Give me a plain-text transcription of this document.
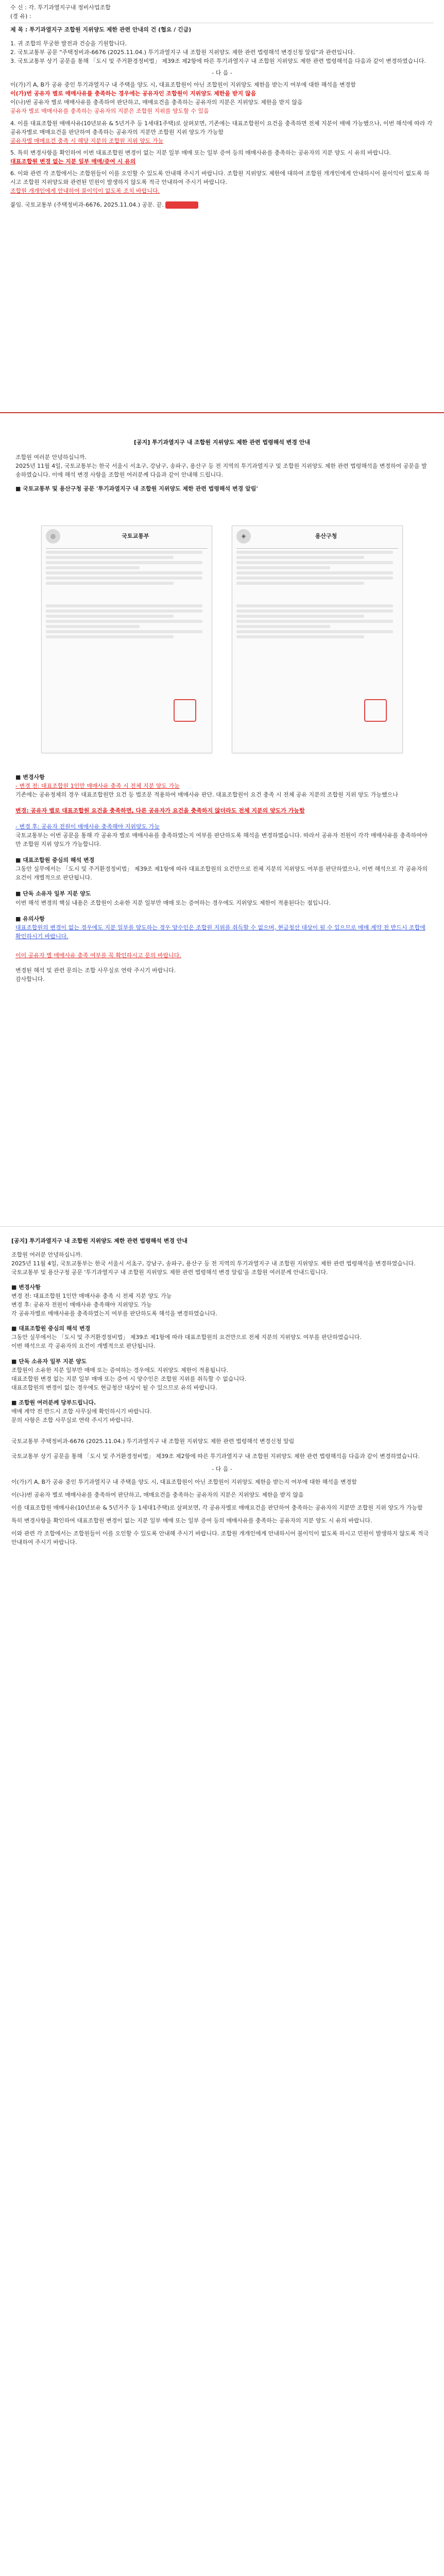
수 신 : 각. 투기과열지구내 정비사업조합

(경 유) :

제 목 : 투기과열지구 조합원 지위양도 제한 관련 안내의 건 (협요 / 긴급)

1. 귀 조합의 무궁한 발전과 건승을 기원합니다.

2. 국토교통부 공문 "주택정비과-6676 (2025.11.04.) 투기과열지구 내 조합원 지위양도 제한 관련 법령해석 변경신청 알림"과 관련입니다.

3. 국토교통부 상기 공문을 통해 「도시 및 주거환경정비법」 제39조 제2항에 따른 투기과열지구 내 조합원 지위양도 제한 관련 법령해석을 다음과 같이 변경하였습니다.

- 다 음 -

이(가)기 A, B가 공유 중인 투기과열지구 내 주택을 양도 시, 대표조합원이 아닌 조합원이 지위양도 제한을 받는지 여부에 대한 해석을 변경함

이(가)번 공유자 별로 매매사유를 충족하는 경우에는 공유자인 조합원이 지위양도 제한을 받지 않음

이(나)번 공유자 별로 매매사유를 충족하여 판단하고, 매매요건을 충족하는 공유자의 지분은 지위양도 제한을 받지 않음

공유자 별로 매매사유를 충족하는 공유자의 지분은 조합원 지위를 양도할 수 있음

4. 이를 대표조합원 매매사유(10년보유 & 5년거주 등 1세대1주택)로 살펴보면, 기존에는 대표조합원이 요건을 충족하면 전체 지분이 매매 가능했으나, 이번 해석에 따라 각 공유자별로 매매요건을 판단하여 충족하는 공유자의 지분만 조합원 지위 양도가 가능함

공유자별 매매요건 충족 시 해당 지분의 조합원 지위 양도 가능

5. 특히 변경사항을 확인하여 이번 대표조합원 변경이 없는 지분 일부 매매 또는 일부 증여 등의 매매사유를 충족하는 공유자의 지분 양도 시 유의 바랍니다.

대표조합원 변경 없는 지분 일부 매매/증여 시 유의

6. 이와 관련 각 조합에서는 조합원들이 이를 오인할 수 있도록 안내해 주시기 바랍니다. 조합원 지위양도 제한에 대하여 조합원 개개인에게 안내하시어 불이익이 없도록 하시고 조합원 지위양도와 관련된 민원이 발생하지 않도록 적극 안내하여 주시기 바랍니다.

조합원 개개인에게 안내하여 불이익이 없도록 조치 바랍니다.

붙임. 국토교통부 (주택정비과-6676, 2025.11.04.) 공문. 끝.

[공지] 투기과열지구 내 조합원 지위양도 제한 관련 법령해석 변경 안내

조합원 여러분 안녕하십니까.

2025년 11월 4일, 국토교통부는 한국 서울시 서초구, 강남구, 송파구, 용산구 등 전 지역의 투기과열지구 및 조합원 지위양도 제한 관련 법령해석을 변경하여 공문을 발송하였습니다. 이에 해석 변경 사항을 조합원 여러분께 다음과 같이 안내해 드립니다.

■ 국토교통부 및 용산구청 공문 '투기과열지구 내 조합원 지위양도 제한 관련 법령해석 변경 알림'

◎	국토교통부	◈	용산구청

■ 변경사항

- 변경 전: 대표조합원 1인만 매매사유 충족 시 전체 지분 양도 가능

기존에는 공유정체의 경우 대표조합원만 요건 등 법조문 적용하여 매매사유 판단. 대표조합원이 요건 충족 시 전체 공유 지분의 조합원 지위 양도 가능했으나

변경: 공유자 별로 대표조합원 요건을 충족하면, 다른 공유자가 요건을 충족하지 않더라도 전체 지분의 양도가 가능함

- 변경 후: 공유자 전원이 매매사유 충족해야 지위양도 가능

국토교통부는 이번 공문을 통해 각 공유자 별로 매매사유를 충족하였는지 여부를 판단하도록 해석을 변경하였습니다. 따라서 공유자 전원이 각각 매매사유를 충족하여야만 조합원 지위 양도가 가능합니다.

■ 대표조합원 중심의 해석 변경

그동안 실무에서는 「도시 및 주거환경정비법」 제39조 제1항에 따라 대표조합원의 요건만으로 전체 지분의 지위양도 여부를 판단하였으나, 이번 해석으로 각 공유자의 요건이 개별적으로 판단됩니다.

■ 단독 소유자 일부 지분 양도

이번 해석 변경의 핵심 내용은 조합원이 소유한 지분 일부만 매매 또는 증여하는 경우에도 지위양도 제한이 적용된다는 점입니다.

■ 유의사항

대표조합원의 변경이 없는 경우에도 지분 일부를 양도하는 경우 양수인은 조합원 지위를 취득할 수 없으며, 현금청산 대상이 될 수 있으므로 매매 계약 전 반드시 조합에 확인하시기 바랍니다.

이미 공유자 별 매매사유 충족 여부를 꼭 확인하시고 문의 바랍니다.

변경된 해석 및 관련 문의는 조합 사무실로 연락 주시기 바랍니다.

감사합니다.

[공지] 투기과열지구 내 조합원 지위양도 제한 관련 법령해석 변경 안내

조합원 여러분 안녕하십니까.

2025년 11월 4일, 국토교통부는 한국 서울시 서초구, 강남구, 송파구, 용산구 등 전 지역의 투기과열지구 내 조합원 지위양도 제한 관련 법령해석을 변경하였습니다.

국토교통부 및 용산구청 공문 '투기과열지구 내 조합원 지위양도 제한 관련 법령해석 변경 알림'을 조합원 여러분께 안내드립니다.

■ 변경사항

변경 전: 대표조합원 1인만 매매사유 충족 시 전체 지분 양도 가능

변경 후: 공유자 전원이 매매사유 충족해야 지위양도 가능

각 공유자별로 매매사유를 충족하였는지 여부를 판단하도록 해석을 변경하였습니다.

■ 대표조합원 중심의 해석 변경

그동안 실무에서는 「도시 및 주거환경정비법」 제39조 제1항에 따라 대표조합원의 요건만으로 전체 지분의 지위양도 여부를 판단하였습니다.

이번 해석으로 각 공유자의 요건이 개별적으로 판단됩니다.

■ 단독 소유자 일부 지분 양도

조합원이 소유한 지분 일부만 매매 또는 증여하는 경우에도 지위양도 제한이 적용됩니다.

대표조합원 변경 없는 지분 일부 매매 또는 증여 시 양수인은 조합원 지위를 취득할 수 없습니다.

대표조합원의 변경이 없는 경우에도 현금청산 대상이 될 수 있으므로 유의 바랍니다.

■ 조합원 여러분께 당부드립니다.

매매 계약 전 반드시 조합 사무실에 확인하시기 바랍니다.

문의 사항은 조합 사무실로 연락 주시기 바랍니다.

국토교통부 주택정비과-6676 (2025.11.04.) 투기과열지구 내 조합원 지위양도 제한 관련 법령해석 변경신청 알림

국토교통부 상기 공문을 통해 「도시 및 주거환경정비법」 제39조 제2항에 따른 투기과열지구 내 조합원 지위양도 제한 관련 법령해석을 다음과 같이 변경하였습니다.

- 다 음 -

이(가)기 A, B가 공유 중인 투기과열지구 내 주택을 양도 시, 대표조합원이 아닌 조합원이 지위양도 제한을 받는지 여부에 대한 해석을 변경함

이(나)번 공유자 별로 매매사유를 충족하여 판단하고, 매매요건을 충족하는 공유자의 지분은 지위양도 제한을 받지 않음

이를 대표조합원 매매사유(10년보유 & 5년거주 등 1세대1주택)로 살펴보면, 각 공유자별로 매매요건을 판단하여 충족하는 공유자의 지분만 조합원 지위 양도가 가능함

특히 변경사항을 확인하여 대표조합원 변경이 없는 지분 일부 매매 또는 일부 증여 등의 매매사유를 충족하는 공유자의 지분 양도 시 유의 바랍니다.

이와 관련 각 조합에서는 조합원들이 이를 오인할 수 있도록 안내해 주시기 바랍니다. 조합원 개개인에게 안내하시어 불이익이 없도록 하시고 민원이 발생하지 않도록 적극 안내하여 주시기 바랍니다.
